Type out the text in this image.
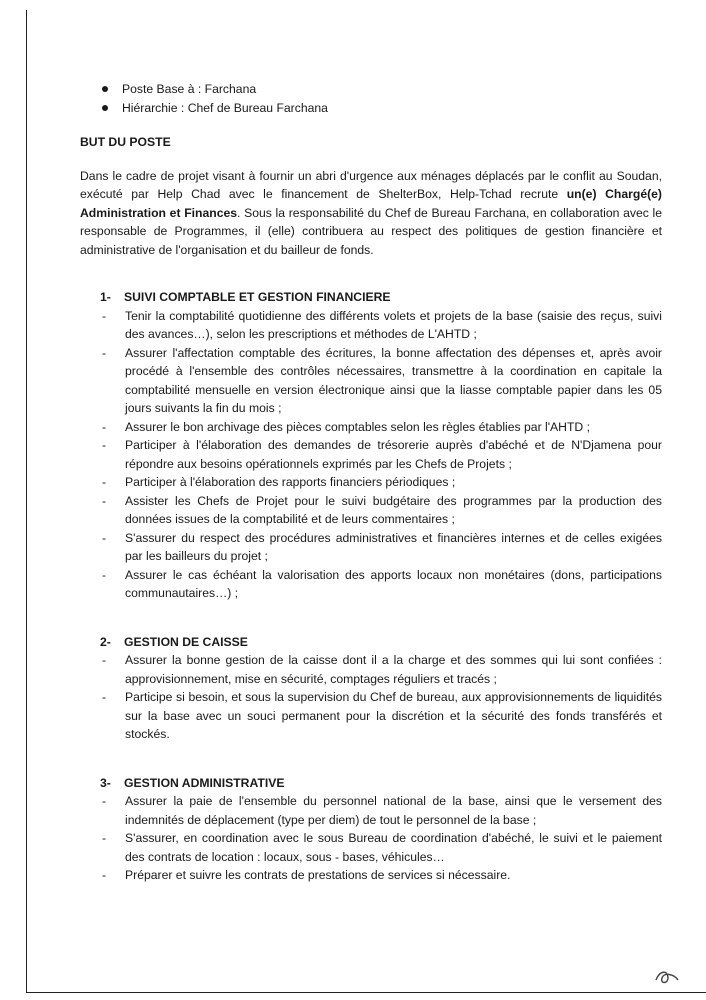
Poste Base à : Farchana
Hiérarchie : Chef de Bureau Farchana
BUT DU POSTE

Dans le cadre de projet visant à fournir un abri d'urgence aux ménages déplacés par le conflit au Soudan, exécuté par Help Chad avec le financement de ShelterBox, Help-Tchad recrute un(e) Chargé(e) Administration et Finances. Sous la responsabilité du Chef de Bureau Farchana, en collaboration avec le responsable de Programmes, il (elle) contribuera au respect des politiques de gestion financière et administrative de l'organisation et du bailleur de fonds.

1- SUIVI COMPTABLE ET GESTION FINANCIERE
- Tenir la comptabilité quotidienne des différents volets et projets de la base (saisie des reçus, suivi des avances…), selon les prescriptions et méthodes de L'AHTD ;
- Assurer l'affectation comptable des écritures, la bonne affectation des dépenses et, après avoir procédé à l'ensemble des contrôles nécessaires, transmettre à la coordination en capitale la comptabilité mensuelle en version électronique ainsi que la liasse comptable papier dans les 05 jours suivants la fin du mois ;
- Assurer le bon archivage des pièces comptables selon les règles établies par l'AHTD ;
- Participer à l'élaboration des demandes de trésorerie auprès d'abéché et de N'Djamena pour répondre aux besoins opérationnels exprimés par les Chefs de Projets ;
- Participer à l'élaboration des rapports financiers périodiques ;
- Assister les Chefs de Projet pour le suivi budgétaire des programmes par la production des données issues de la comptabilité et de leurs commentaires ;
- S'assurer du respect des procédures administratives et financières internes et de celles exigées par les bailleurs du projet ;
- Assurer le cas échéant la valorisation des apports locaux non monétaires (dons, participations communautaires…) ;
2- GESTION DE CAISSE
- Assurer la bonne gestion de la caisse dont il a la charge et des sommes qui lui sont confiées : approvisionnement, mise en sécurité, comptages réguliers et tracés ;
- Participe si besoin, et sous la supervision du Chef de bureau, aux approvisionnements de liquidités sur la base avec un souci permanent pour la discrétion et la sécurité des fonds transférés et stockés.
3- GESTION ADMINISTRATIVE
- Assurer la paie de l'ensemble du personnel national de la base, ainsi que le versement des indemnités de déplacement (type per diem) de tout le personnel de la base ;
- S'assurer, en coordination avec le sous Bureau de coordination d'abéché, le suivi et le paiement des contrats de location : locaux, sous - bases, véhicules…
- Préparer et suivre les contrats de prestations de services si nécessaire.
